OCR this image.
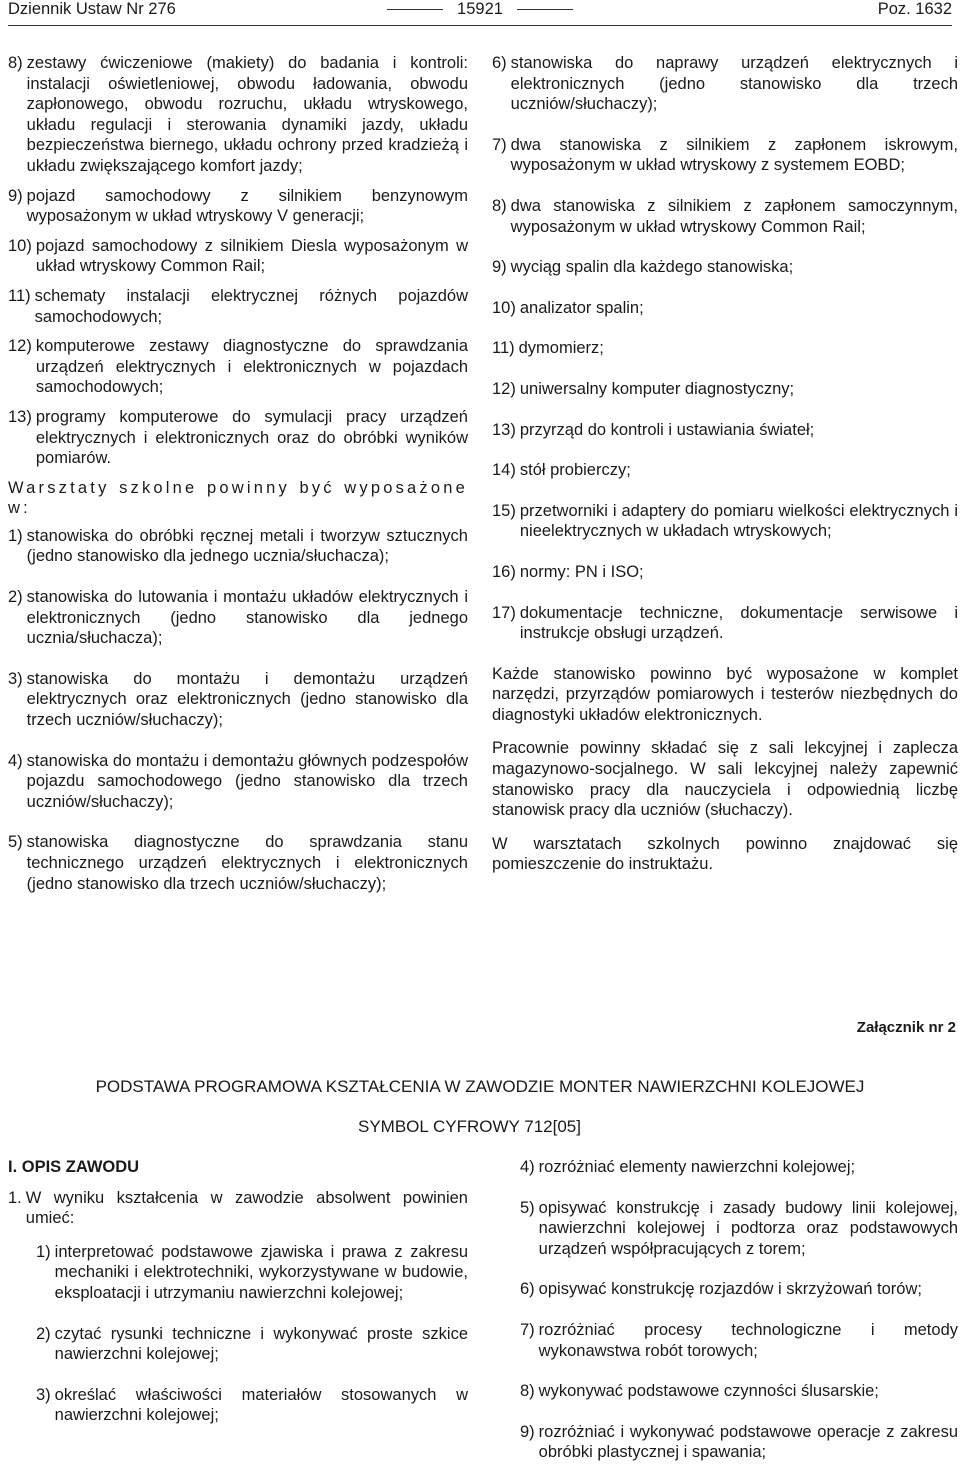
Dziennik Ustaw Nr 276	15921	Poz. 1632
8) zestawy ćwiczeniowe (makiety) do badania i kontroli: instalacji oświetleniowej, obwodu ładowania, obwodu zapłonowego, obwodu rozruchu, układu wtryskowego, układu regulacji i sterowania dynamiki jazdy, układu bezpieczeństwa biernego, układu ochrony przed kradzieżą i układu zwiększającego komfort jazdy;
9) pojazd samochodowy z silnikiem benzynowym wyposażonym w układ wtryskowy V generacji;
10) pojazd samochodowy z silnikiem Diesla wyposażonym w układ wtryskowy Common Rail;
11) schematy instalacji elektrycznej różnych pojazdów samochodowych;
12) komputerowe zestawy diagnostyczne do sprawdzania urządzeń elektrycznych i elektronicznych w pojazdach samochodowych;
13) programy komputerowe do symulacji pracy urządzeń elektrycznych i elektronicznych oraz do obróbki wyników pomiarów.

Warsztaty szkolne powinny być wyposażone w:

1) stanowiska do obróbki ręcznej metali i tworzyw sztucznych (jedno stanowisko dla jednego ucznia/słuchacza);
2) stanowiska do lutowania i montażu układów elektrycznych i elektronicznych (jedno stanowisko dla jednego ucznia/słuchacza);
3) stanowiska do montażu i demontażu urządzeń elektrycznych oraz elektronicznych (jedno stanowisko dla trzech uczniów/słuchaczy);
4) stanowiska do montażu i demontażu głównych podzespołów pojazdu samochodowego (jedno stanowisko dla trzech uczniów/słuchaczy);
5) stanowiska diagnostyczne do sprawdzania stanu technicznego urządzeń elektrycznych i elektronicznych (jedno stanowisko dla trzech uczniów/słuchaczy);
6) stanowiska do naprawy urządzeń elektrycznych i elektronicznych (jedno stanowisko dla trzech uczniów/słuchaczy);
7) dwa stanowiska z silnikiem z zapłonem iskrowym, wyposażonym w układ wtryskowy z systemem EOBD;
8) dwa stanowiska z silnikiem z zapłonem samoczynnym, wyposażonym w układ wtryskowy Common Rail;
9) wyciąg spalin dla każdego stanowiska;
10) analizator spalin;
11) dymomierz;
12) uniwersalny komputer diagnostyczny;
13) przyrząd do kontroli i ustawiania świateł;
14) stół probierczy;
15) przetworniki i adaptery do pomiaru wielkości elektrycznych i nieelektrycznych w układach wtryskowych;
16) normy: PN i ISO;
17) dokumentacje techniczne, dokumentacje serwisowe i instrukcje obsługi urządzeń.

Każde stanowisko powinno być wyposażone w komplet narzędzi, przyrządów pomiarowych i testerów niezbędnych do diagnostyki układów elektronicznych.

Pracownie powinny składać się z sali lekcyjnej i zaplecza magazynowo-socjalnego. W sali lekcyjnej należy zapewnić stanowisko pracy dla nauczyciela i odpowiednią liczbę stanowisk pracy dla uczniów (słuchaczy).

W warsztatach szkolnych powinno znajdować się pomieszczenie do instruktażu.

Załącznik nr 2
PODSTAWA PROGRAMOWA KSZTAŁCENIA W ZAWODZIE MONTER NAWIERZCHNI KOLEJOWEJ
SYMBOL CYFROWY 712[05]
I. OPIS ZAWODU
1. W wyniku kształcenia w zawodzie absolwent powinien umieć:
1) interpretować podstawowe zjawiska i prawa z zakresu mechaniki i elektrotechniki, wykorzystywane w budowie, eksploatacji i utrzymaniu nawierzchni kolejowej;
2) czytać rysunki techniczne i wykonywać proste szkice nawierzchni kolejowej;
3) określać właściwości materiałów stosowanych w nawierzchni kolejowej;
4) rozróżniać elementy nawierzchni kolejowej;
5) opisywać konstrukcję i zasady budowy linii kolejowej, nawierzchni kolejowej i podtorza oraz podstawowych urządzeń współpracujących z torem;
6) opisywać konstrukcję rozjazdów i skrzyżowań torów;
7) rozróżniać procesy technologiczne i metody wykonawstwa robót torowych;
8) wykonywać podstawowe czynności ślusarskie;
9) rozróżniać i wykonywać podstawowe operacje z zakresu obróbki plastycznej i spawania;
